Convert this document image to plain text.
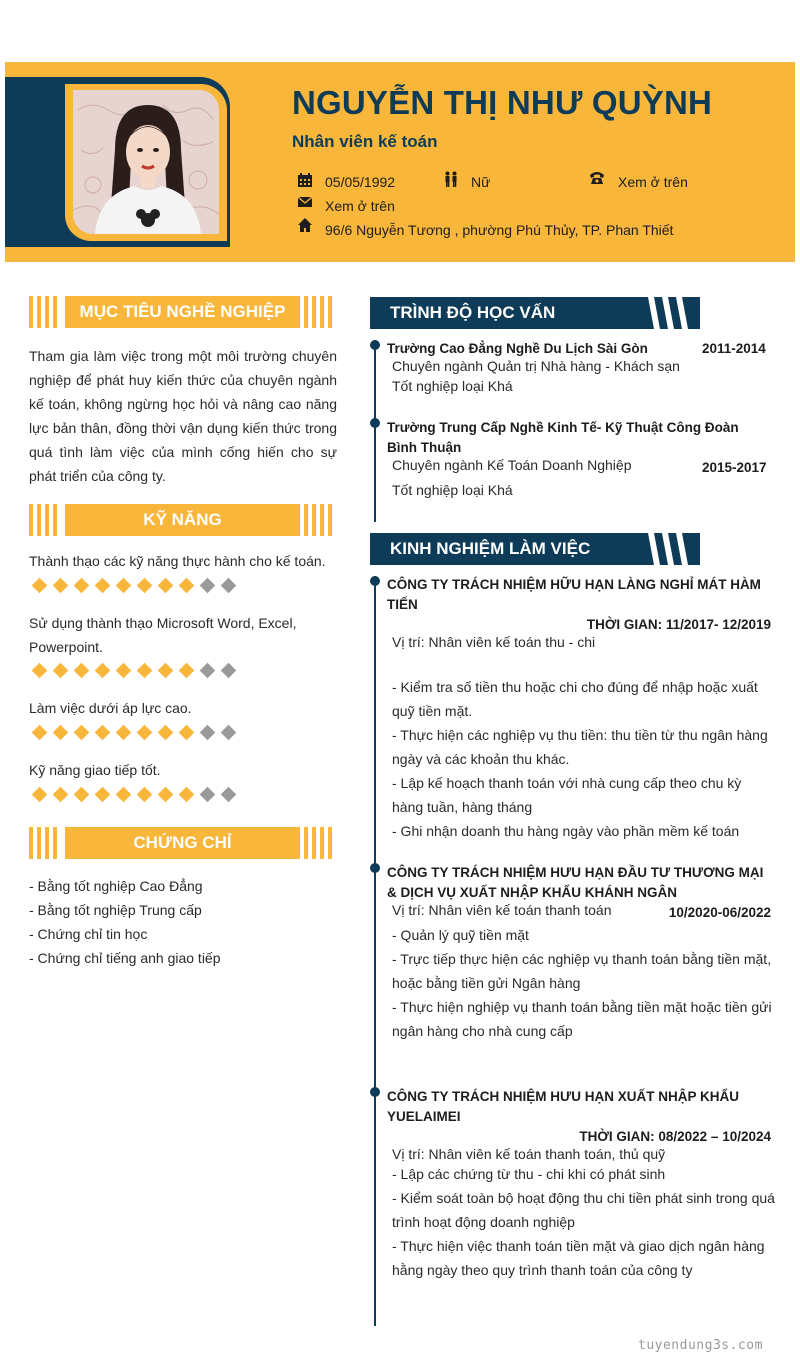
NGUYỄN THỊ NHƯ QUỲNH
Nhân viên kế toán
05/05/1992	Nữ	Xem ở trên
Xem ở trên
96/6 Nguyễn Tương , phường Phú Thủy, TP. Phan Thiết
MỤC TIÊU NGHỀ NGHIỆP
Tham gia làm việc trong một môi trường chuyên nghiệp để phát huy kiến thức của chuyên ngành kế toán, không ngừng học hỏi và nâng cao năng lực bản thân, đồng thời vận dụng kiến thức trong quá tình làm việc của mình cống hiến cho sự phát triển của công ty.
KỸ NĂNG
Thành thạo các kỹ năng thực hành cho kế toán.
Sử dụng thành thạo Microsoft Word, Excel, Powerpoint.
Làm việc dưới áp lực cao.
Kỹ năng giao tiếp tốt.
CHỨNG CHỈ
- Bằng tốt nghiệp Cao Đẳng
- Bằng tốt nghiệp Trung cấp
- Chứng chỉ tin học
- Chứng chỉ tiếng anh giao tiếp
TRÌNH ĐỘ HỌC VẤN
Trường Cao Đẳng Nghề Du Lịch Sài Gòn	2011-2014
Chuyên ngành Quản trị Nhà hàng - Khách sạn
Tốt nghiệp loại Khá
Trường Trung Cấp Nghề Kinh Tế- Kỹ Thuật Công Đoàn Bình Thuận
Chuyên ngành Kế Toán Doanh Nghiệp	2015-2017
Tốt nghiệp loại Khá
KINH NGHIỆM LÀM VIỆC
CÔNG TY TRÁCH NHIỆM HỮU HẠN LÀNG NGHỈ MÁT HÀM TIẾN
THỜI GIAN: 11/2017- 12/2019
Vị trí: Nhân viên kế toán thu - chi
- Kiểm tra số tiền thu hoặc chi cho đúng để nhập hoặc xuất quỹ tiền mặt.
- Thực hiện các nghiệp vụ thu tiền: thu tiền từ thu ngân hàng ngày và các khoản thu khác.
- Lập kế hoạch thanh toán với nhà cung cấp theo chu kỳ hàng tuần, hàng tháng
- Ghi nhận doanh thu hàng ngày vào phần mềm kế toán
CÔNG TY TRÁCH NHIỆM HƯU HẠN ĐẦU TƯ THƯƠNG MẠI & DỊCH VỤ XUẤT NHẬP KHẨU KHÁNH NGÂN
Vị trí: Nhân viên kế toán thanh toán	10/2020-06/2022
- Quản lý quỹ tiền mặt
- Trực tiếp thực hiện các nghiệp vụ thanh toán bằng tiền mặt, hoặc bằng tiền gửi Ngân hàng
- Thực hiện nghiệp vụ thanh toán bằng tiền mặt hoặc tiền gửi ngân hàng cho nhà cung cấp
CÔNG TY TRÁCH NHIỆM HƯU HẠN XUẤT NHẬP KHẨU YUELAIMEI
THỜI GIAN: 08/2022 – 10/2024
Vị trí: Nhân viên kế toán thanh toán, thủ quỹ
- Lập các chứng từ thu - chi khi có phát sinh
- Kiểm soát toàn bộ hoạt động thu chi tiền phát sinh trong quá trình hoạt động doanh nghiệp
- Thực hiện việc thanh toán tiền mặt và giao dịch ngân hàng hằng ngày theo quy trình thanh toán của công ty
tuyendung3s.com
